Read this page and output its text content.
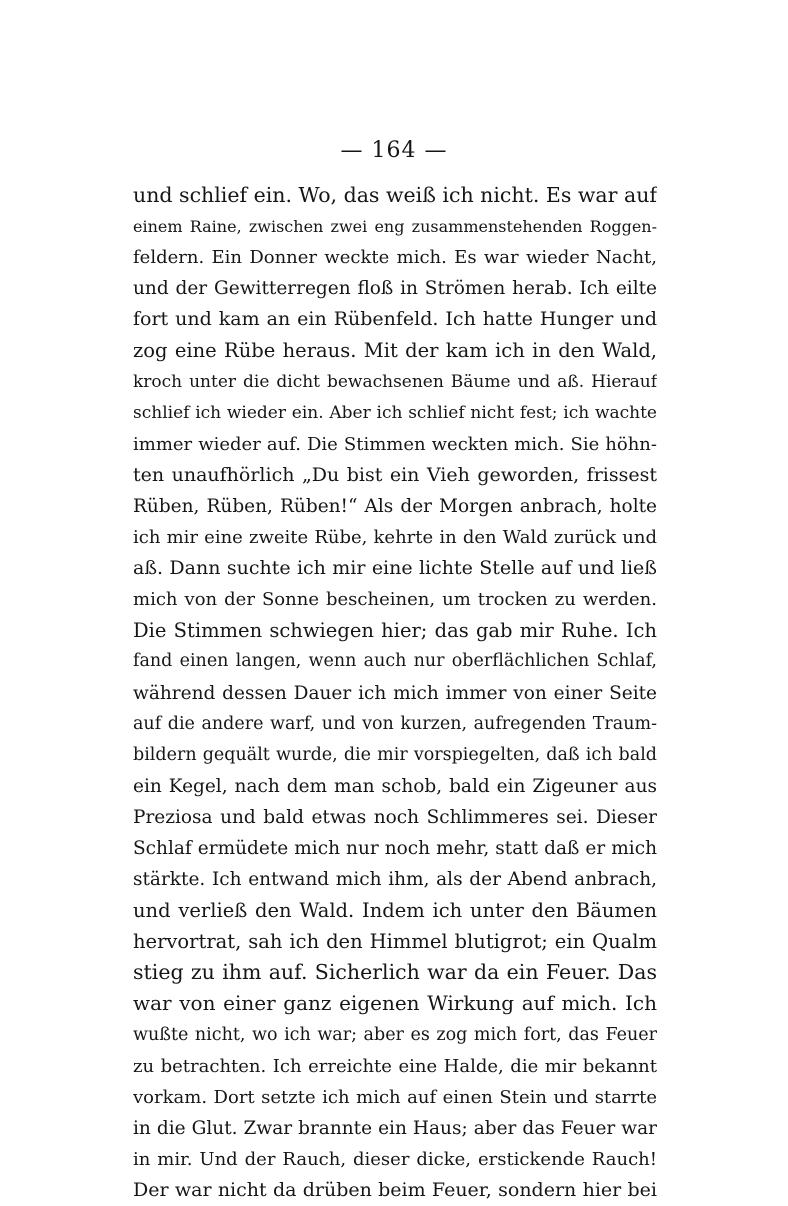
— 164 —
und schlief ein. Wo, das weiß ich nicht. Es war auf
einem Raine, zwischen zwei eng zusammenstehenden Roggen-
feldern. Ein Donner weckte mich. Es war wieder Nacht,
und der Gewitterregen floß in Strömen herab. Ich eilte
fort und kam an ein Rübenfeld. Ich hatte Hunger und
zog eine Rübe heraus. Mit der kam ich in den Wald,
kroch unter die dicht bewachsenen Bäume und aß. Hierauf
schlief ich wieder ein. Aber ich schlief nicht fest; ich wachte
immer wieder auf. Die Stimmen weckten mich. Sie höhn-
ten unaufhörlich „Du bist ein Vieh geworden, frissest
Rüben, Rüben, Rüben!“ Als der Morgen anbrach, holte
ich mir eine zweite Rübe, kehrte in den Wald zurück und
aß. Dann suchte ich mir eine lichte Stelle auf und ließ
mich von der Sonne bescheinen, um trocken zu werden.
Die Stimmen schwiegen hier; das gab mir Ruhe. Ich
fand einen langen, wenn auch nur oberflächlichen Schlaf,
während dessen Dauer ich mich immer von einer Seite
auf die andere warf, und von kurzen, aufregenden Traum-
bildern gequält wurde, die mir vorspiegelten, daß ich bald
ein Kegel, nach dem man schob, bald ein Zigeuner aus
Preziosa und bald etwas noch Schlimmeres sei. Dieser
Schlaf ermüdete mich nur noch mehr, statt daß er mich
stärkte. Ich entwand mich ihm, als der Abend anbrach,
und verließ den Wald. Indem ich unter den Bäumen
hervortrat, sah ich den Himmel blutigrot; ein Qualm
stieg zu ihm auf. Sicherlich war da ein Feuer. Das
war von einer ganz eigenen Wirkung auf mich. Ich
wußte nicht, wo ich war; aber es zog mich fort, das Feuer
zu betrachten. Ich erreichte eine Halde, die mir bekannt
vorkam. Dort setzte ich mich auf einen Stein und starrte
in die Glut. Zwar brannte ein Haus; aber das Feuer war
in mir. Und der Rauch, dieser dicke, erstickende Rauch!
Der war nicht da drüben beim Feuer, sondern hier bei
